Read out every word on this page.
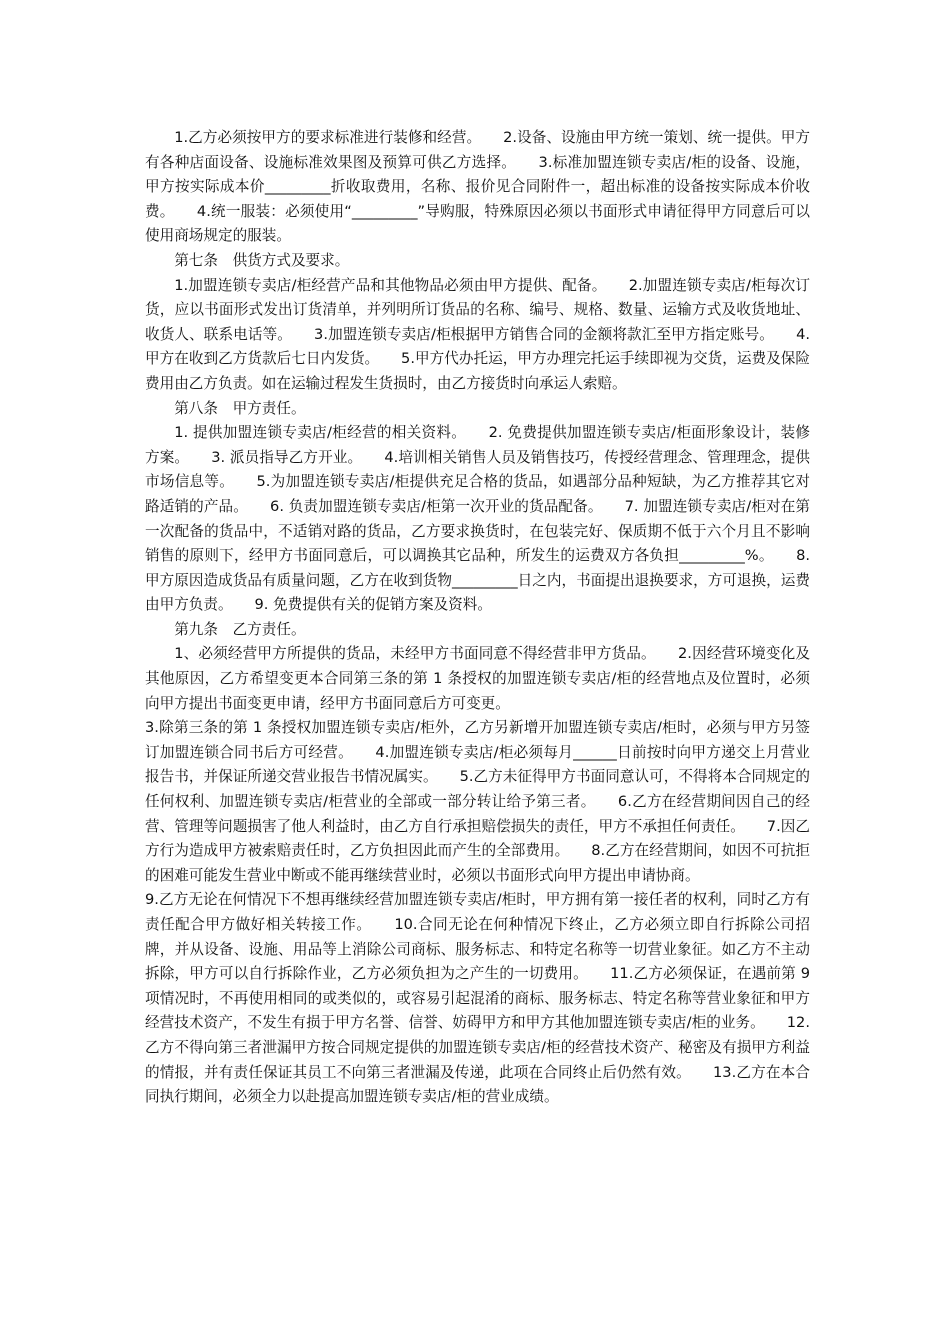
1.乙方必须按甲方的要求标准进行装修和经营。　　2.设备、设施由甲方统一策划、统一提供。甲方有各种店面设备、设施标准效果图及预算可供乙方选择。　　3.标准加盟连锁专卖店/柜的设备、设施，甲方按实际成本价_________折收取费用，名称、报价见合同附件一，超出标准的设备按实际成本价收费。　　4.统一服装：必须使用“_________”导购服，特殊原因必须以书面形式申请征得甲方同意后可以使用商场规定的服装。

第七条　供货方式及要求。

1.加盟连锁专卖店/柜经营产品和其他物品必须由甲方提供、配备。　　2.加盟连锁专卖店/柜每次订货，应以书面形式发出订货清单，并列明所订货品的名称、编号、规格、数量、运输方式及收货地址、收货人、联系电话等。　　3.加盟连锁专卖店/柜根据甲方销售合同的金额将款汇至甲方指定账号。　　4.甲方在收到乙方货款后七日内发货。　　5.甲方代办托运，甲方办理完托运手续即视为交货，运费及保险费用由乙方负责。如在运输过程发生货损时，由乙方接货时向承运人索赔。

第八条　甲方责任。

1. 提供加盟连锁专卖店/柜经营的相关资料。　　2. 免费提供加盟连锁专卖店/柜面形象设计，装修方案。　　3. 派员指导乙方开业。　　4.培训相关销售人员及销售技巧，传授经营理念、管理理念，提供市场信息等。　　5.为加盟连锁专卖店/柜提供充足合格的货品，如遇部分品种短缺，为乙方推荐其它对路适销的产品。　　6. 负责加盟连锁专卖店/柜第一次开业的货品配备。　　7. 加盟连锁专卖店/柜对在第一次配备的货品中，不适销对路的货品，乙方要求换货时，在包装完好、保质期不低于六个月且不影响销售的原则下，经甲方书面同意后，可以调换其它品种，所发生的运费双方各负担_________%。　　8.甲方原因造成货品有质量问题，乙方在收到货物_________日之内，书面提出退换要求，方可退换，运费由甲方负责。　　9. 免费提供有关的促销方案及资料。

第九条　乙方责任。

1、必须经营甲方所提供的货品，未经甲方书面同意不得经营非甲方货品。　　2.因经营环境变化及其他原因，乙方希望变更本合同第三条的第 1 条授权的加盟连锁专卖店/柜的经营地点及位置时，必须向甲方提出书面变更申请，经甲方书面同意后方可变更。

3.除第三条的第 1 条授权加盟连锁专卖店/柜外，乙方另新增开加盟连锁专卖店/柜时，必须与甲方另签订加盟连锁合同书后方可经营。　　4.加盟连锁专卖店/柜必须每月______日前按时向甲方递交上月营业报告书，并保证所递交营业报告书情况属实。　　5.乙方未征得甲方书面同意认可，不得将本合同规定的任何权利、加盟连锁专卖店/柜营业的全部或一部分转让给予第三者。　　6.乙方在经营期间因自己的经营、管理等问题损害了他人利益时，由乙方自行承担赔偿损失的责任，甲方不承担任何责任。　　7.因乙方行为造成甲方被索赔责任时，乙方负担因此而产生的全部费用。　　8.乙方在经营期间，如因不可抗拒的困难可能发生营业中断或不能再继续营业时，必须以书面形式向甲方提出申请协商。

9.乙方无论在何情况下不想再继续经营加盟连锁专卖店/柜时，甲方拥有第一接任者的权利，同时乙方有责任配合甲方做好相关转接工作。　　10.合同无论在何种情况下终止，乙方必须立即自行拆除公司招牌，并从设备、设施、用品等上消除公司商标、服务标志、和特定名称等一切营业象征。如乙方不主动拆除，甲方可以自行拆除作业，乙方必须负担为之产生的一切费用。　　11.乙方必须保证，在遇前第 9 项情况时，不再使用相同的或类似的，或容易引起混淆的商标、服务标志、特定名称等营业象征和甲方经营技术资产，不发生有损于甲方名誉、信誉、妨碍甲方和甲方其他加盟连锁专卖店/柜的业务。　　12.乙方不得向第三者泄漏甲方按合同规定提供的加盟连锁专卖店/柜的经营技术资产、秘密及有损甲方利益的情报，并有责任保证其员工不向第三者泄漏及传递，此项在合同终止后仍然有效。　　13.乙方在本合同执行期间，必须全力以赴提高加盟连锁专卖店/柜的营业成绩。
